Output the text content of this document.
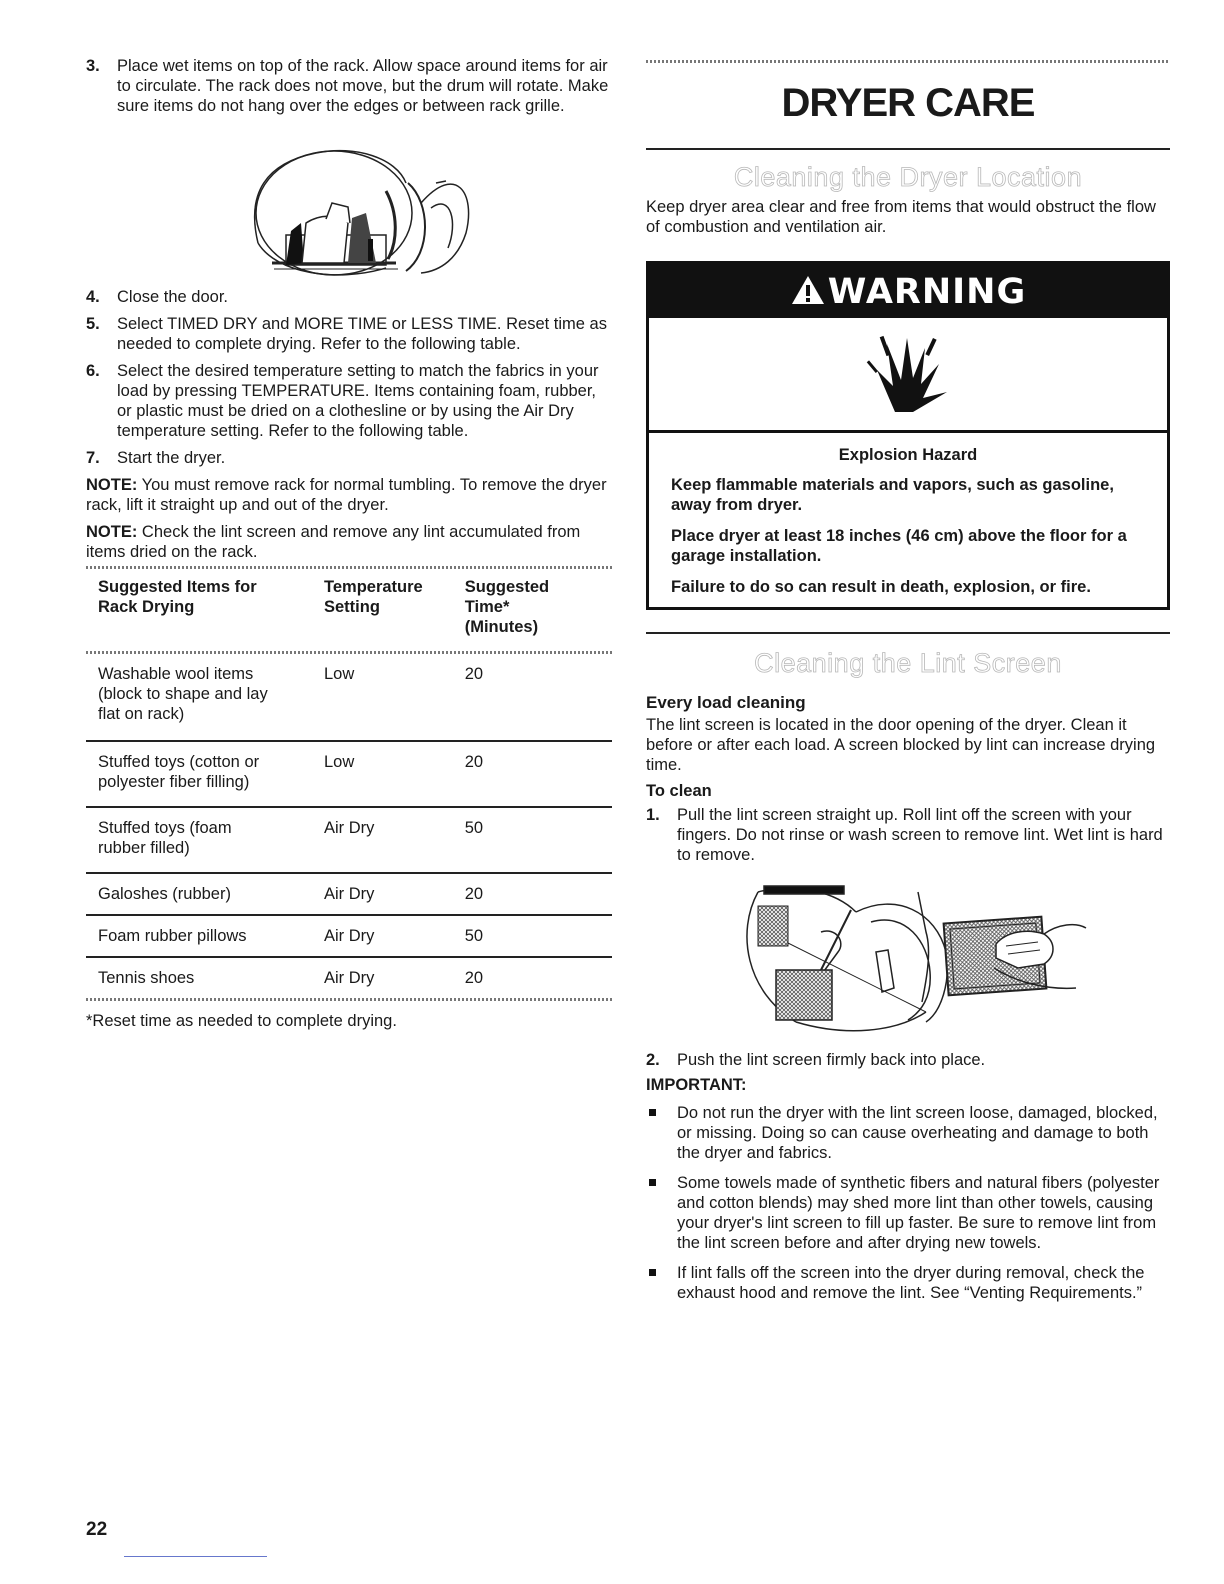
3. Place wet items on top of the rack. Allow space around items for air to circulate. The rack does not move, but the drum will rotate. Make sure items do not hang over the edges or between rack grille.
4. Close the door.
5. Select TIMED DRY and MORE TIME or LESS TIME. Reset time as needed to complete drying. Refer to the following table.
6. Select the desired temperature setting to match the fabrics in your load by pressing TEMPERATURE. Items containing foam, rubber, or plastic must be dried on a clothesline or by using the Air Dry temperature setting. Refer to the following table.
7. Start the dryer.

NOTE: You must remove rack for normal tumbling. To remove the dryer rack, lift it straight up and out of the dryer.

NOTE: Check the lint screen and remove any lint accumulated from items dried on the rack.

Suggested Items for Rack Drying	Temperature Setting	Suggested Time* (Minutes)

Washable wool items (block to shape and lay flat on rack)	Low	20
Stuffed toys (cotton or polyester fiber filling)	Low	20
Stuffed toys (foam rubber filled)	Air Dry	50
Galoshes (rubber)	Air Dry	20
Foam rubber pillows	Air Dry	50
Tennis shoes	Air Dry	20

*Reset time as needed to complete drying.

22
DRYER CARE
Cleaning the Dryer Location

Keep dryer area clear and free from items that would obstruct the flow of combustion and ventilation air.

WARNING

Explosion Hazard

Keep flammable materials and vapors, such as gasoline, away from dryer.

Place dryer at least 18 inches (46 cm) above the floor for a garage installation.

Failure to do so can result in death, explosion, or fire.

Cleaning the Lint Screen

Every load cleaning

The lint screen is located in the door opening of the dryer. Clean it before or after each load. A screen blocked by lint can increase drying time.

To clean

1. Pull the lint screen straight up. Roll lint off the screen with your fingers. Do not rinse or wash screen to remove lint. Wet lint is hard to remove.
2. Push the lint screen firmly back into place.

IMPORTANT:

Do not run the dryer with the lint screen loose, damaged, blocked, or missing. Doing so can cause overheating and damage to both the dryer and fabrics.
Some towels made of synthetic fibers and natural fibers (polyester and cotton blends) may shed more lint than other towels, causing your dryer's lint screen to fill up faster. Be sure to remove lint from the lint screen before and after drying new towels.
If lint falls off the screen into the dryer during removal, check the exhaust hood and remove the lint. See “Venting Requirements.”
